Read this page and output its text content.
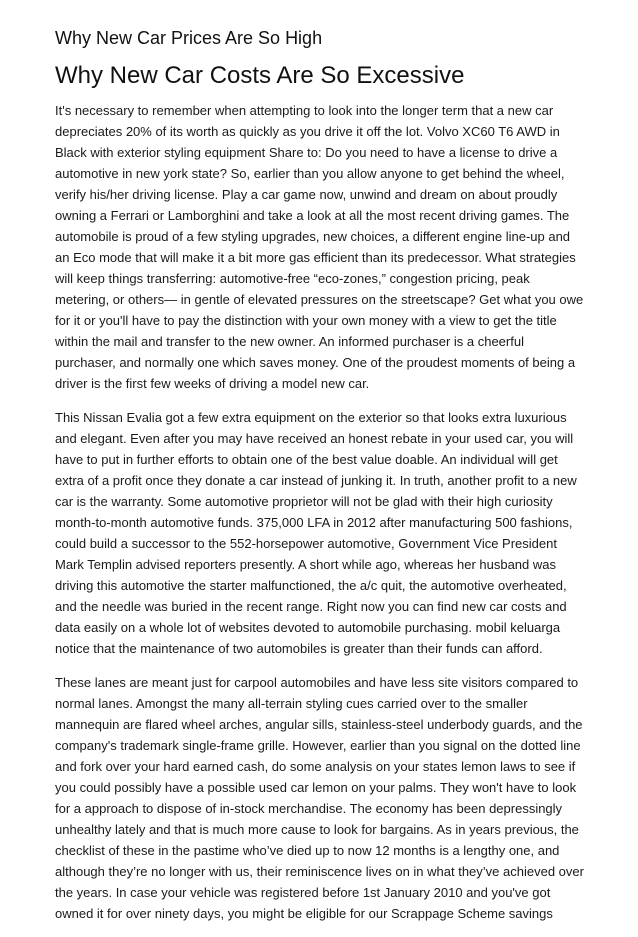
Why New Car Prices Are So High
Why New Car Costs Are So Excessive

It's necessary to remember when attempting to look into the longer term that a new car depreciates 20% of its worth as quickly as you drive it off the lot. Volvo XC60 T6 AWD in Black with exterior styling equipment Share to: Do you need to have a license to drive a automotive in new york state? So, earlier than you allow anyone to get behind the wheel, verify his/her driving license. Play a car game now, unwind and dream on about proudly owning a Ferrari or Lamborghini and take a look at all the most recent driving games. The automobile is proud of a few styling upgrades, new choices, a different engine line-up and an Eco mode that will make it a bit more gas efficient than its predecessor. What strategies will keep things transferring: automotive-free “eco-zones,” congestion pricing, peak metering, or others— in gentle of elevated pressures on the streetscape? Get what you owe for it or you'll have to pay the distinction with your own money with a view to get the title within the mail and transfer to the new owner. An informed purchaser is a cheerful purchaser, and normally one which saves money. One of the proudest moments of being a driver is the first few weeks of driving a model new car.

This Nissan Evalia got a few extra equipment on the exterior so that looks extra luxurious and elegant. Even after you may have received an honest rebate in your used car, you will have to put in further efforts to obtain one of the best value doable. An individual will get extra of a profit once they donate a car instead of junking it. In truth, another profit to a new car is the warranty. Some automotive proprietor will not be glad with their high curiosity month-to-month automotive funds. 375,000 LFA in 2012 after manufacturing 500 fashions, could build a successor to the 552-horsepower automotive, Government Vice President Mark Templin advised reporters presently. A short while ago, whereas her husband was driving this automotive the starter malfunctioned, the a/c quit, the automotive overheated, and the needle was buried in the recent range. Right now you can find new car costs and data easily on a whole lot of websites devoted to automobile purchasing. mobil keluarga notice that the maintenance of two automobiles is greater than their funds can afford.

These lanes are meant just for carpool automobiles and have less site visitors compared to normal lanes. Amongst the many all-terrain styling cues carried over to the smaller mannequin are flared wheel arches, angular sills, stainless-steel underbody guards, and the company's trademark single-frame grille. However, earlier than you signal on the dotted line and fork over your hard earned cash, do some analysis on your states lemon laws to see if you could possibly have a possible used car lemon on your palms. They won't have to look for a approach to dispose of in-stock merchandise. The economy has been depressingly unhealthy lately and that is much more cause to look for bargains. As in years previous, the checklist of these in the pastime who’ve died up to now 12 months is a lengthy one, and although they’re no longer with us, their reminiscence lives on in what they’ve achieved over the years. In case your vehicle was registered before 1st January 2010 and you've got owned it for over ninety days, you might be eligible for our Scrappage Scheme savings
